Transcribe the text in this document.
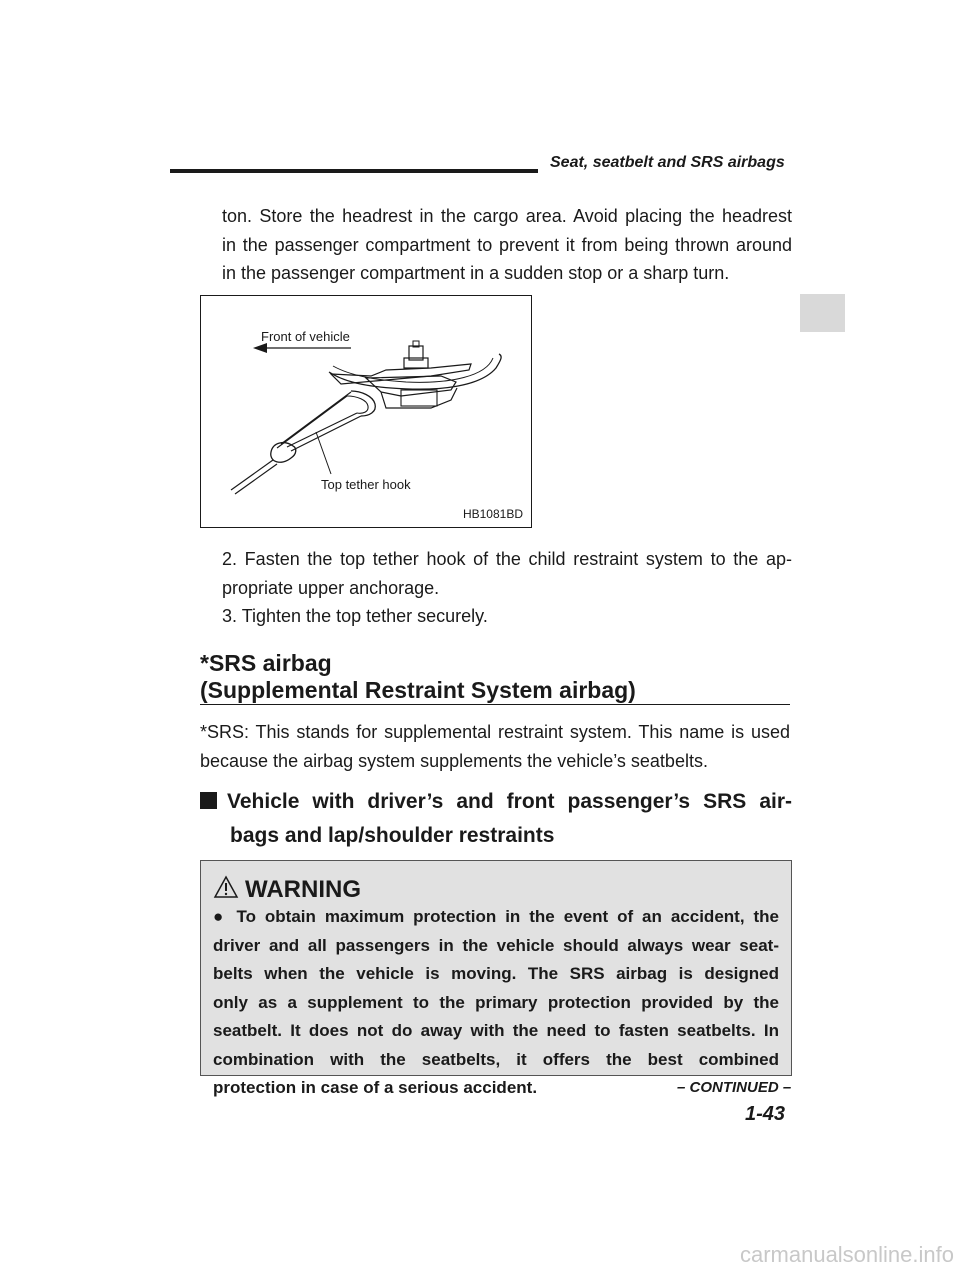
Seat, seatbelt and SRS airbags
ton. Store the headrest in the cargo area. Avoid placing the headrest
in the passenger compartment to prevent it from being thrown around
in the passenger compartment in a sudden stop or a sharp turn.
Front of vehicle
Top tether hook
HB1081BD
2. Fasten the top tether hook of the child restraint system to the ap-
propriate upper anchorage.
3. Tighten the top tether securely.
*SRS airbag
(Supplemental Restraint System airbag)
*SRS: This stands for supplemental restraint system. This name is used
because the airbag system supplements the vehicle’s seatbelts.
Vehicle with driver’s and front passenger’s SRS air-
bags and lap/shoulder restraints
WARNING
● To obtain maximum protection in the event of an accident, the
driver and all passengers in the vehicle should always wear seat-
belts when the vehicle is moving. The SRS airbag is designed
only as a supplement to the primary protection provided by the
seatbelt. It does not do away with the need to fasten seatbelts. In
combination with the seatbelts, it offers the best combined
protection in case of a serious accident.	– CONTINUED –
1-43
carmanualsonline.info
